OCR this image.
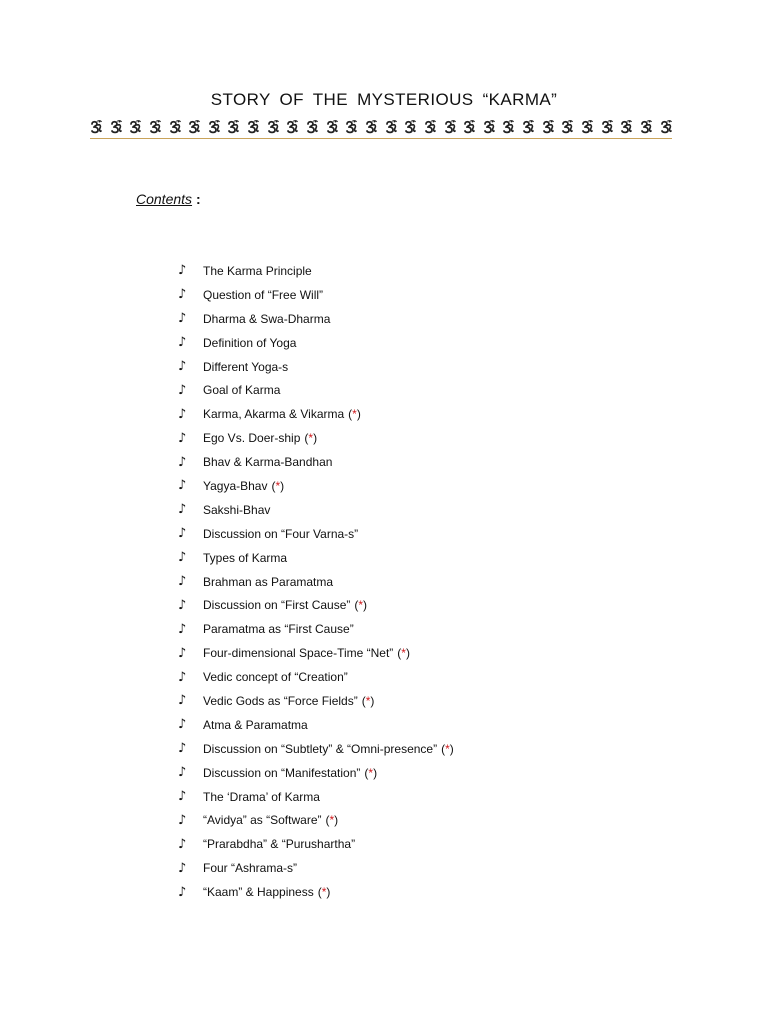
STORY OF THE MYSTERIOUS “KARMA”
Contents :
♪	The Karma Principle
♪	Question of “Free Will”
♪	Dharma & Swa-Dharma
♪	Definition of Yoga
♪	Different Yoga-s
♪	Goal of Karma
♪	Karma, Akarma & Vikarma (*)
♪	Ego Vs. Doer-ship (*)
♪	Bhav & Karma-Bandhan
♪	Yagya-Bhav (*)
♪	Sakshi-Bhav
♪	Discussion on “Four Varna-s”
♪	Types of Karma
♪	Brahman as Paramatma
♪	Discussion on “First Cause” (*)
♪	Paramatma as “First Cause”
♪	Four-dimensional Space-Time “Net” (*)
♪	Vedic concept of “Creation”
♪	Vedic Gods as “Force Fields” (*)
♪	Atma & Paramatma
♪	Discussion on “Subtlety” & “Omni-presence” (*)
♪	Discussion on “Manifestation” (*)
♪	The ‘Drama’ of Karma
♪	“Avidya” as “Software” (*)
♪	“Prarabdha” & “Purushartha”
♪	Four “Ashrama-s”
♪	“Kaam” & Happiness (*)
